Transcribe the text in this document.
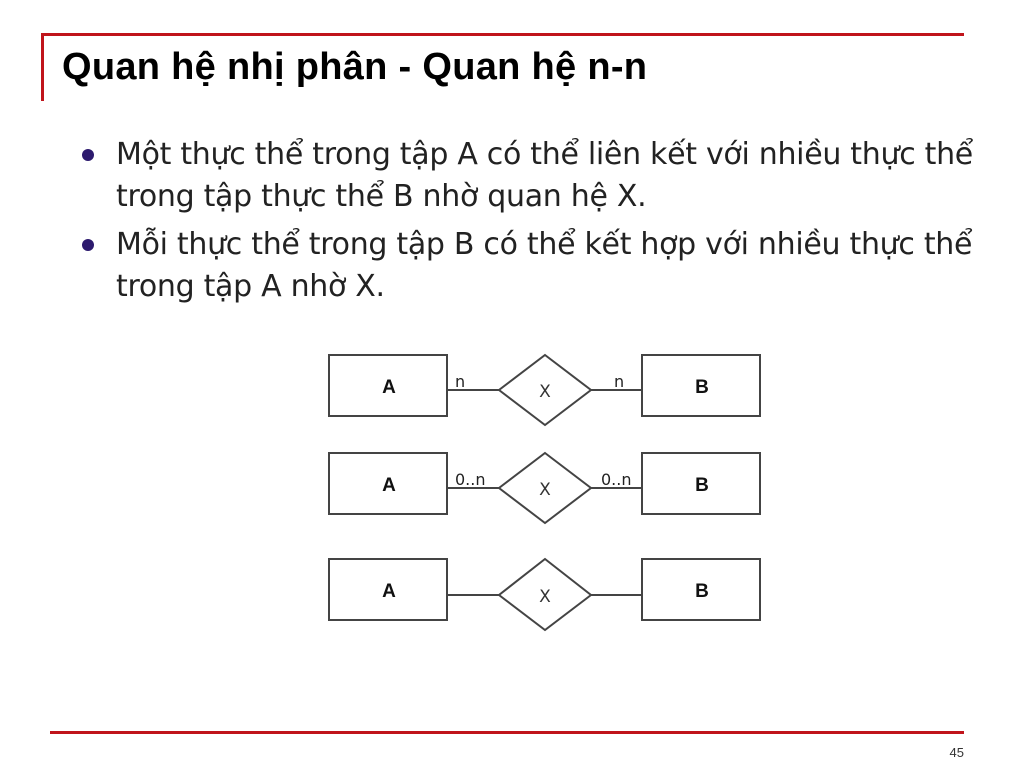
Quan hệ nhị phân - Quan hệ n-n
Một thực thể trong tập A có thể liên kết với nhiều thực thể trong tập thực thể B nhờ quan hệ X.
Mỗi thực thể trong tập B có thể kết hợp với nhiều thực thể trong tập A nhờ X.
A	n
X
n	B
A	0..n
X
0..n	B
A	X	B
45
